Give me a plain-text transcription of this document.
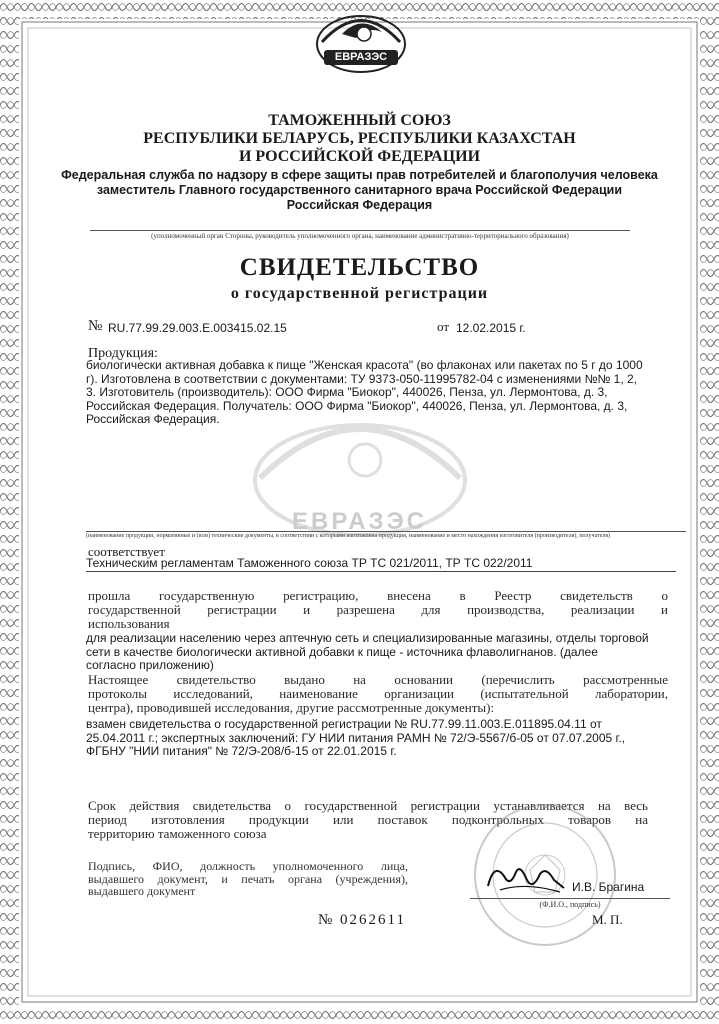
ЕВРАЗЭС
ТАМОЖЕННЫЙ СОЮЗ
РЕСПУБЛИКИ БЕЛАРУСЬ, РЕСПУБЛИКИ КАЗАХСТАН
И РОССИЙСКОЙ ФЕДЕРАЦИИ
Федеральная служба по надзору в сфере защиты прав потребителей и благополучия человека
заместитель Главного государственного санитарного врача Российской Федерации
Российская Федерация
(уполномоченный орган Стороны, руководитель уполномоченного органа, наименование административно-территориального образования)
СВИДЕТЕЛЬСТВО
о государственной регистрации
№ RU.77.99.29.003.E.003415.02.15	от 12.02.2015 г.
ЕВРАЗЭС
Продукция:
биологически активная добавка к пище "Женская красота" (во флаконах или пакетах по 5 г до 1000
г). Изготовлена в соответствии с документами: ТУ 9373-050-11995782-04 с изменениями №№ 1, 2,
3. Изготовитель (производитель): ООО Фирма "Биокор", 440026, Пенза, ул. Лермонтова, д. 3,
Российская Федерация. Получатель: ООО Фирма "Биокор", 440026, Пенза, ул. Лермонтова, д. 3,
Российская Федерация.
(наименование продукции, нормативные и (или) технические документы, в соответствии с которыми изготовлена продукция, наименование и место нахождения изготовителя (производителя), получателя)
соответствует
Техническим регламентам Таможенного союза ТР ТС 021/2011, ТР ТС 022/2011
прошла государственную регистрацию, внесена в Реестр свидетельств о
государственной регистрации и разрешена для производства, реализации и
использования
для реализации населению через аптечную сеть и специализированные магазины, отделы торговой
сети в качестве биологически активной добавки к пище - источника флаволигнанов. (далее
согласно приложению)
Настоящее свидетельство выдано на основании (перечислить рассмотренные
протоколы исследований, наименование организации (испытательной лаборатории,
центра), проводившей исследования, другие рассмотренные документы):
взамен свидетельства о государственной регистрации № RU.77.99.11.003.Е.011895.04.11 от
25.04.2011 г.; экспертных заключений: ГУ НИИ питания РАМН № 72/Э-5567/б-05 от 07.07.2005 г.,
ФГБНУ "НИИ питания" № 72/Э-208/б-15 от 22.01.2015 г.
Срок действия свидетельства о государственной регистрации устанавливается на весь
период изготовления продукции или поставок подконтрольных товаров на
территорию таможенного союза
Подпись, ФИО, должность уполномоченного лица,
выдавшего документ, и печать органа (учреждения),
выдавшего документ	И.В. Брагина
(Ф.И.О., подпись)
№ 0262611	М. П.
